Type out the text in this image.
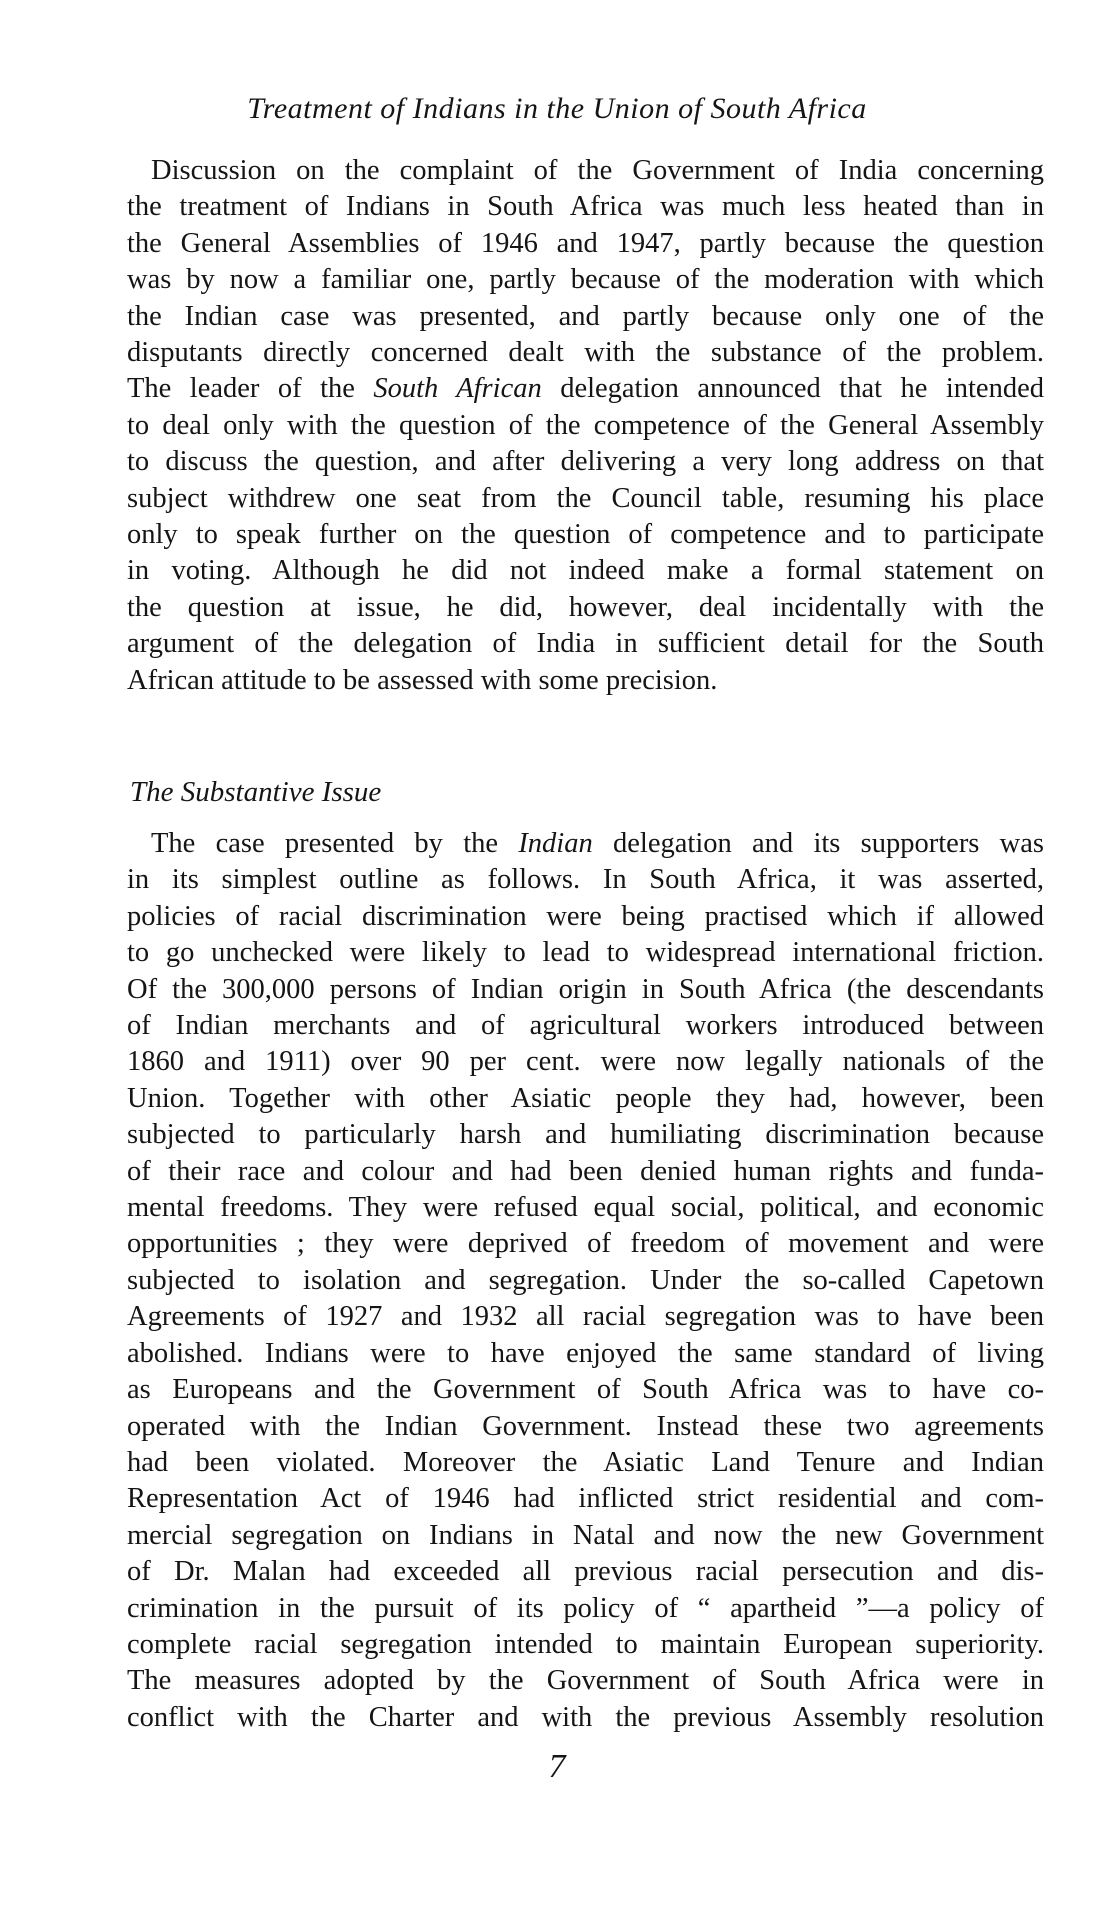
Treatment of Indians in the Union of South Africa
Discussion on the complaint of the Government of India concerning
the treatment of Indians in South Africa was much less heated than in
the General Assemblies of 1946 and 1947, partly because the question
was by now a familiar one, partly because of the moderation with which
the Indian case was presented, and partly because only one of the
disputants directly concerned dealt with the substance of the problem.
The leader of the South African delegation announced that he intended
to deal only with the question of the competence of the General Assembly
to discuss the question, and after delivering a very long address on that
subject withdrew one seat from the Council table, resuming his place
only to speak further on the question of competence and to participate
in voting. Although he did not indeed make a formal statement on
the question at issue, he did, however, deal incidentally with the
argument of the delegation of India in sufficient detail for the South
African attitude to be assessed with some precision.
The Substantive Issue
The case presented by the Indian delegation and its supporters was
in its simplest outline as follows. In South Africa, it was asserted,
policies of racial discrimination were being practised which if allowed
to go unchecked were likely to lead to widespread international friction.
Of the 300,000 persons of Indian origin in South Africa (the descendants
of Indian merchants and of agricultural workers introduced between
1860 and 1911) over 90 per cent. were now legally nationals of the
Union. Together with other Asiatic people they had, however, been
subjected to particularly harsh and humiliating discrimination because
of their race and colour and had been denied human rights and funda-
mental freedoms. They were refused equal social, political, and economic
opportunities ; they were deprived of freedom of movement and were
subjected to isolation and segregation. Under the so-called Capetown
Agreements of 1927 and 1932 all racial segregation was to have been
abolished. Indians were to have enjoyed the same standard of living
as Europeans and the Government of South Africa was to have co-
operated with the Indian Government. Instead these two agreements
had been violated. Moreover the Asiatic Land Tenure and Indian
Representation Act of 1946 had inflicted strict residential and com-
mercial segregation on Indians in Natal and now the new Government
of Dr. Malan had exceeded all previous racial persecution and dis-
crimination in the pursuit of its policy of “ apartheid ”—a policy of
complete racial segregation intended to maintain European superiority.
The measures adopted by the Government of South Africa were in
conflict with the Charter and with the previous Assembly resolution
7
